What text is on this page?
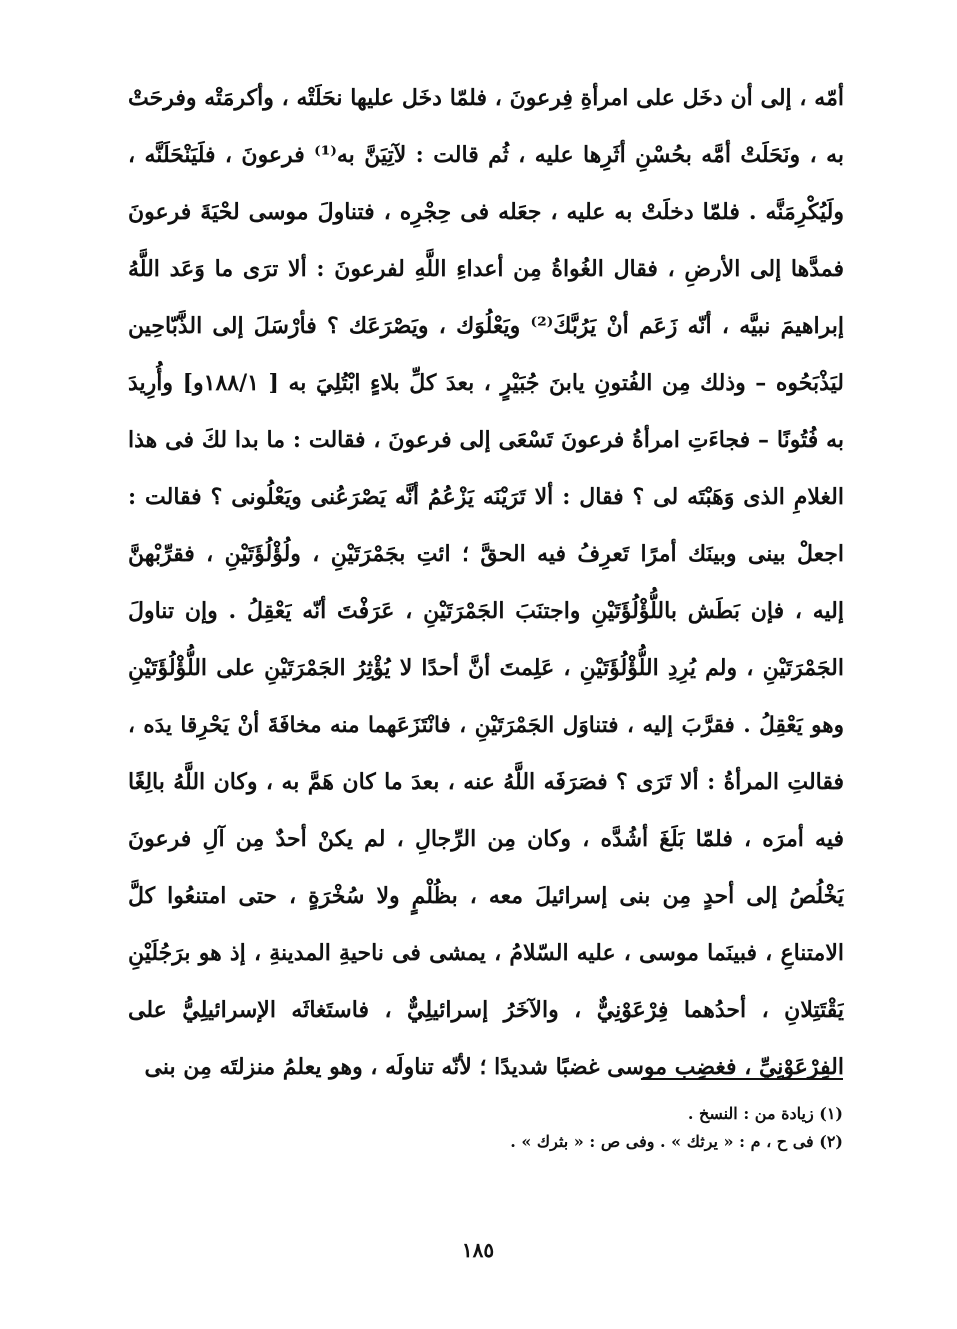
أمّه ، إلى أن دخَل على امرأةِ فِرعونَ ، فلمّا دخَل عليها نحَلَتْه ، وأكرمَتْه وفرحَتْ
به ، ونَحَلَتْ أمَّه بحُسْنِ أثَرِها عليه ، ثُم قالت : لآتِيَنَّ به⁽¹⁾ فرعونَ ، فلَيَنْحَلَنَّه ،
ولَيُكْرِمَنَّه . فلمّا دخلَتْ به عليه ، جعَله فى حِجْرِه ، فتناولَ موسى لحْيَةَ فرعونَ
فمدَّها إلى الأرضِ ، فقال الغُواةُ مِن أعداءِ اللَّهِ لفرعونَ : ألا ترَى ما وَعَد اللَّهُ
إبراهيمَ نبيَّه ، أنّه زَعَم أنْ يَرُبَّكَ⁽²⁾ ويَعْلُوَك ، ويَصْرَعَك ؟ فأرْسَلَ إلى الذَّبّاحِين
ليَذْبَحُوه – وذلك مِن الفُتونِ يابنَ جُبَيْرٍ ، بعدَ كلِّ بلاءٍ ابْتُلِيَ به [ ١٨٨/١و] وأُرِيدَ
به فُتُونًا – فجاءَتِ امرأةُ فرعونَ تَسْعَى إلى فرعونَ ، فقالت : ما بدا لكَ فى هذا
الغلامِ الذى وَهَبْتَه لى ؟ فقال : ألا تَرَيْنَه يَزْعُمُ أنَّه يَصْرَعُنى ويَعْلُونى ؟ فقالت :
اجعلْ بينى وبينَك أمرًا تَعرِفُ فيه الحقَّ ؛ ائتِ بجَمْرَتَيْنِ ، ولُؤْلُؤَتَيْنِ ، فقرِّبْهنَّ
إليه ، فإن بَطَش باللُّؤْلُؤَتَيْنِ واجتنَبَ الجَمْرَتَيْنِ ، عَرَفْتَ أنّه يَعْقِلُ . وإن تناولَ
الجَمْرَتَيْنِ ، ولم يُرِدِ اللُّؤْلُؤَتَيْنِ ، عَلِمتَ أنَّ أحدًا لا يُؤْثِرُ الجَمْرَتَيْنِ على اللُّؤْلُؤَتَيْنِ
وهو يَعْقِلُ . فقرَّبَ إليه ، فتناوَل الجَمْرَتَيْنِ ، فانْتَزَعَهما منه مخافَةَ أنْ يَحْرِقا يدَه ،
فقالتِ المرأةُ : ألا تَرَى ؟ فصَرَفَه اللَّهُ عنه ، بعدَ ما كان هَمَّ به ، وكان اللَّهُ بالِغًا
فيه أمرَه ، فلمّا بَلَغَ أشُدَّه ، وكان مِن الرِّجالِ ، لم يكنْ أحدٌ مِن آلِ فرعونَ
يَخْلُصُ إلى أحدٍ مِن بنى إسرائيلَ معه ، بظُلْمٍ ولا سُخْرَةٍ ، حتى امتنعُوا كلَّ
الامتناعِ ، فبينَما موسى ، عليه السّلامُ ، يمشى فى ناحيةِ المدينةِ ، إذ هو برَجُلَيْنِ
يَقْتَتِلانِ ، أحدُهما فِرْعَوْنِيٌّ ، والآخَرُ إسرائيلِيٌّ ، فاستَغاثَه الإسرائيلِيُّ على
الفِرْعَوْنِيِّ ، فغضِب موسى غضبًا شديدًا ؛ لأنّه تناولَه ، وهو يعلمُ منزلتَه مِن بنى
(١) زيادة من : النسخ .
(٢) فى ح ، م : « يرثك » . وفى ص : « بثرك » .
١٨٥
